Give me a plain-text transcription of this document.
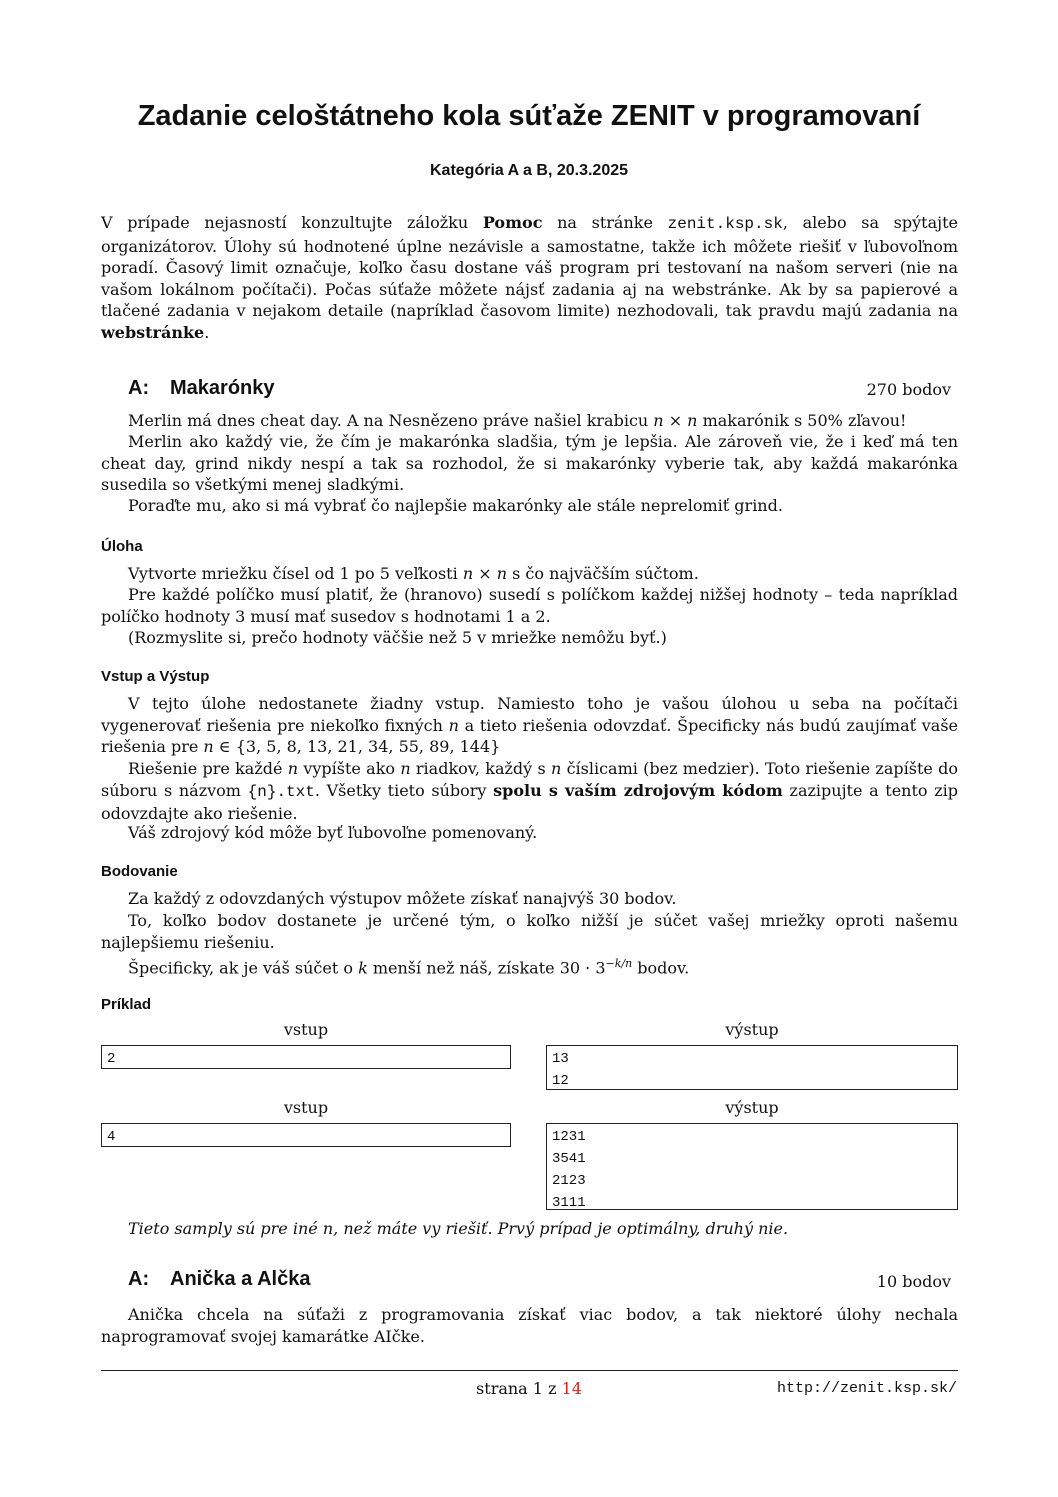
Zadanie celoštátneho kola súťaže ZENIT v programovaní
Kategória A a B, 20.3.2025

V prípade nejasností konzultujte záložku Pomoc na stránke zenit.ksp.sk, alebo sa spýtajte organizátorov. Úlohy sú hodnotené úplne nezávisle a samostatne, takže ich môžete riešiť v ľubovoľnom poradí. Časový limit označuje, koľko času dostane váš program pri testovaní na našom serveri (nie na vašom lokálnom počítači). Počas súťaže môžete nájsť zadania aj na webstránke. Ak by sa papierové a tlačené zadania v nejakom detaile (napríklad časovom limite) nezhodovali, tak pravdu majú zadania na webstránke.

A: Makarónky	270 bodov

Merlin má dnes cheat day. A na Nesnězeno práve našiel krabicu n × n makarónik s 50% zľavou!

Merlin ako každý vie, že čím je makarónka sladšia, tým je lepšia. Ale zároveň vie, že i keď má ten cheat day, grind nikdy nespí a tak sa rozhodol, že si makarónky vyberie tak, aby každá makarónka susedila so všetkými menej sladkými.

Poraďte mu, ako si má vybrať čo najlepšie makarónky ale stále neprelomiť grind.

Úloha

Vytvorte mriežku čísel od 1 po 5 veľkosti n × n s čo najväčším súčtom.

Pre každé políčko musí platiť, že (hranovo) susedí s políčkom každej nižšej hodnoty – teda napríklad políčko hodnoty 3 musí mať susedov s hodnotami 1 a 2.

(Rozmyslite si, prečo hodnoty väčšie než 5 v mriežke nemôžu byť.)

Vstup a Výstup

V tejto úlohe nedostanete žiadny vstup. Namiesto toho je vašou úlohou u seba na počítači vygenerovať riešenia pre niekoľko fixných n a tieto riešenia odovzdať. Špecificky nás budú zaujímať vaše riešenia pre n ∈ {3, 5, 8, 13, 21, 34, 55, 89, 144}

Riešenie pre každé n vypíšte ako n riadkov, každý s n číslicami (bez medzier). Toto riešenie zapíšte do súboru s názvom {n}.txt. Všetky tieto súbory spolu s vaším zdrojovým kódom zazipujte a tento zip odovzdajte ako riešenie.

Váš zdrojový kód môže byť ľubovoľne pomenovaný.

Bodovanie

Za každý z odovzdaných výstupov môžete získať nanajvýš 30 bodov.

To, koľko bodov dostanete je určené tým, o koľko nižší je súčet vašej mriežky oproti našemu najlepšiemu riešeniu.

Špecificky, ak je váš súčet o k menší než náš, získate $30 \cdot 3^{-k/n}$ bodov.

Príklad
vstup	výstup
2	13
12
vstup	výstup
4	1231
3541
2123
3111
Tieto samply sú pre iné n, než máte vy riešiť. Prvý prípad je optimálny, druhý nie.
A: Anička a Alčka	10 bodov

Anička chcela na súťaži z programovania získať viac bodov, a tak niektoré úlohy nechala naprogramovať svojej kamarátke AIčke.

strana 1 z 14	http://zenit.ksp.sk/
